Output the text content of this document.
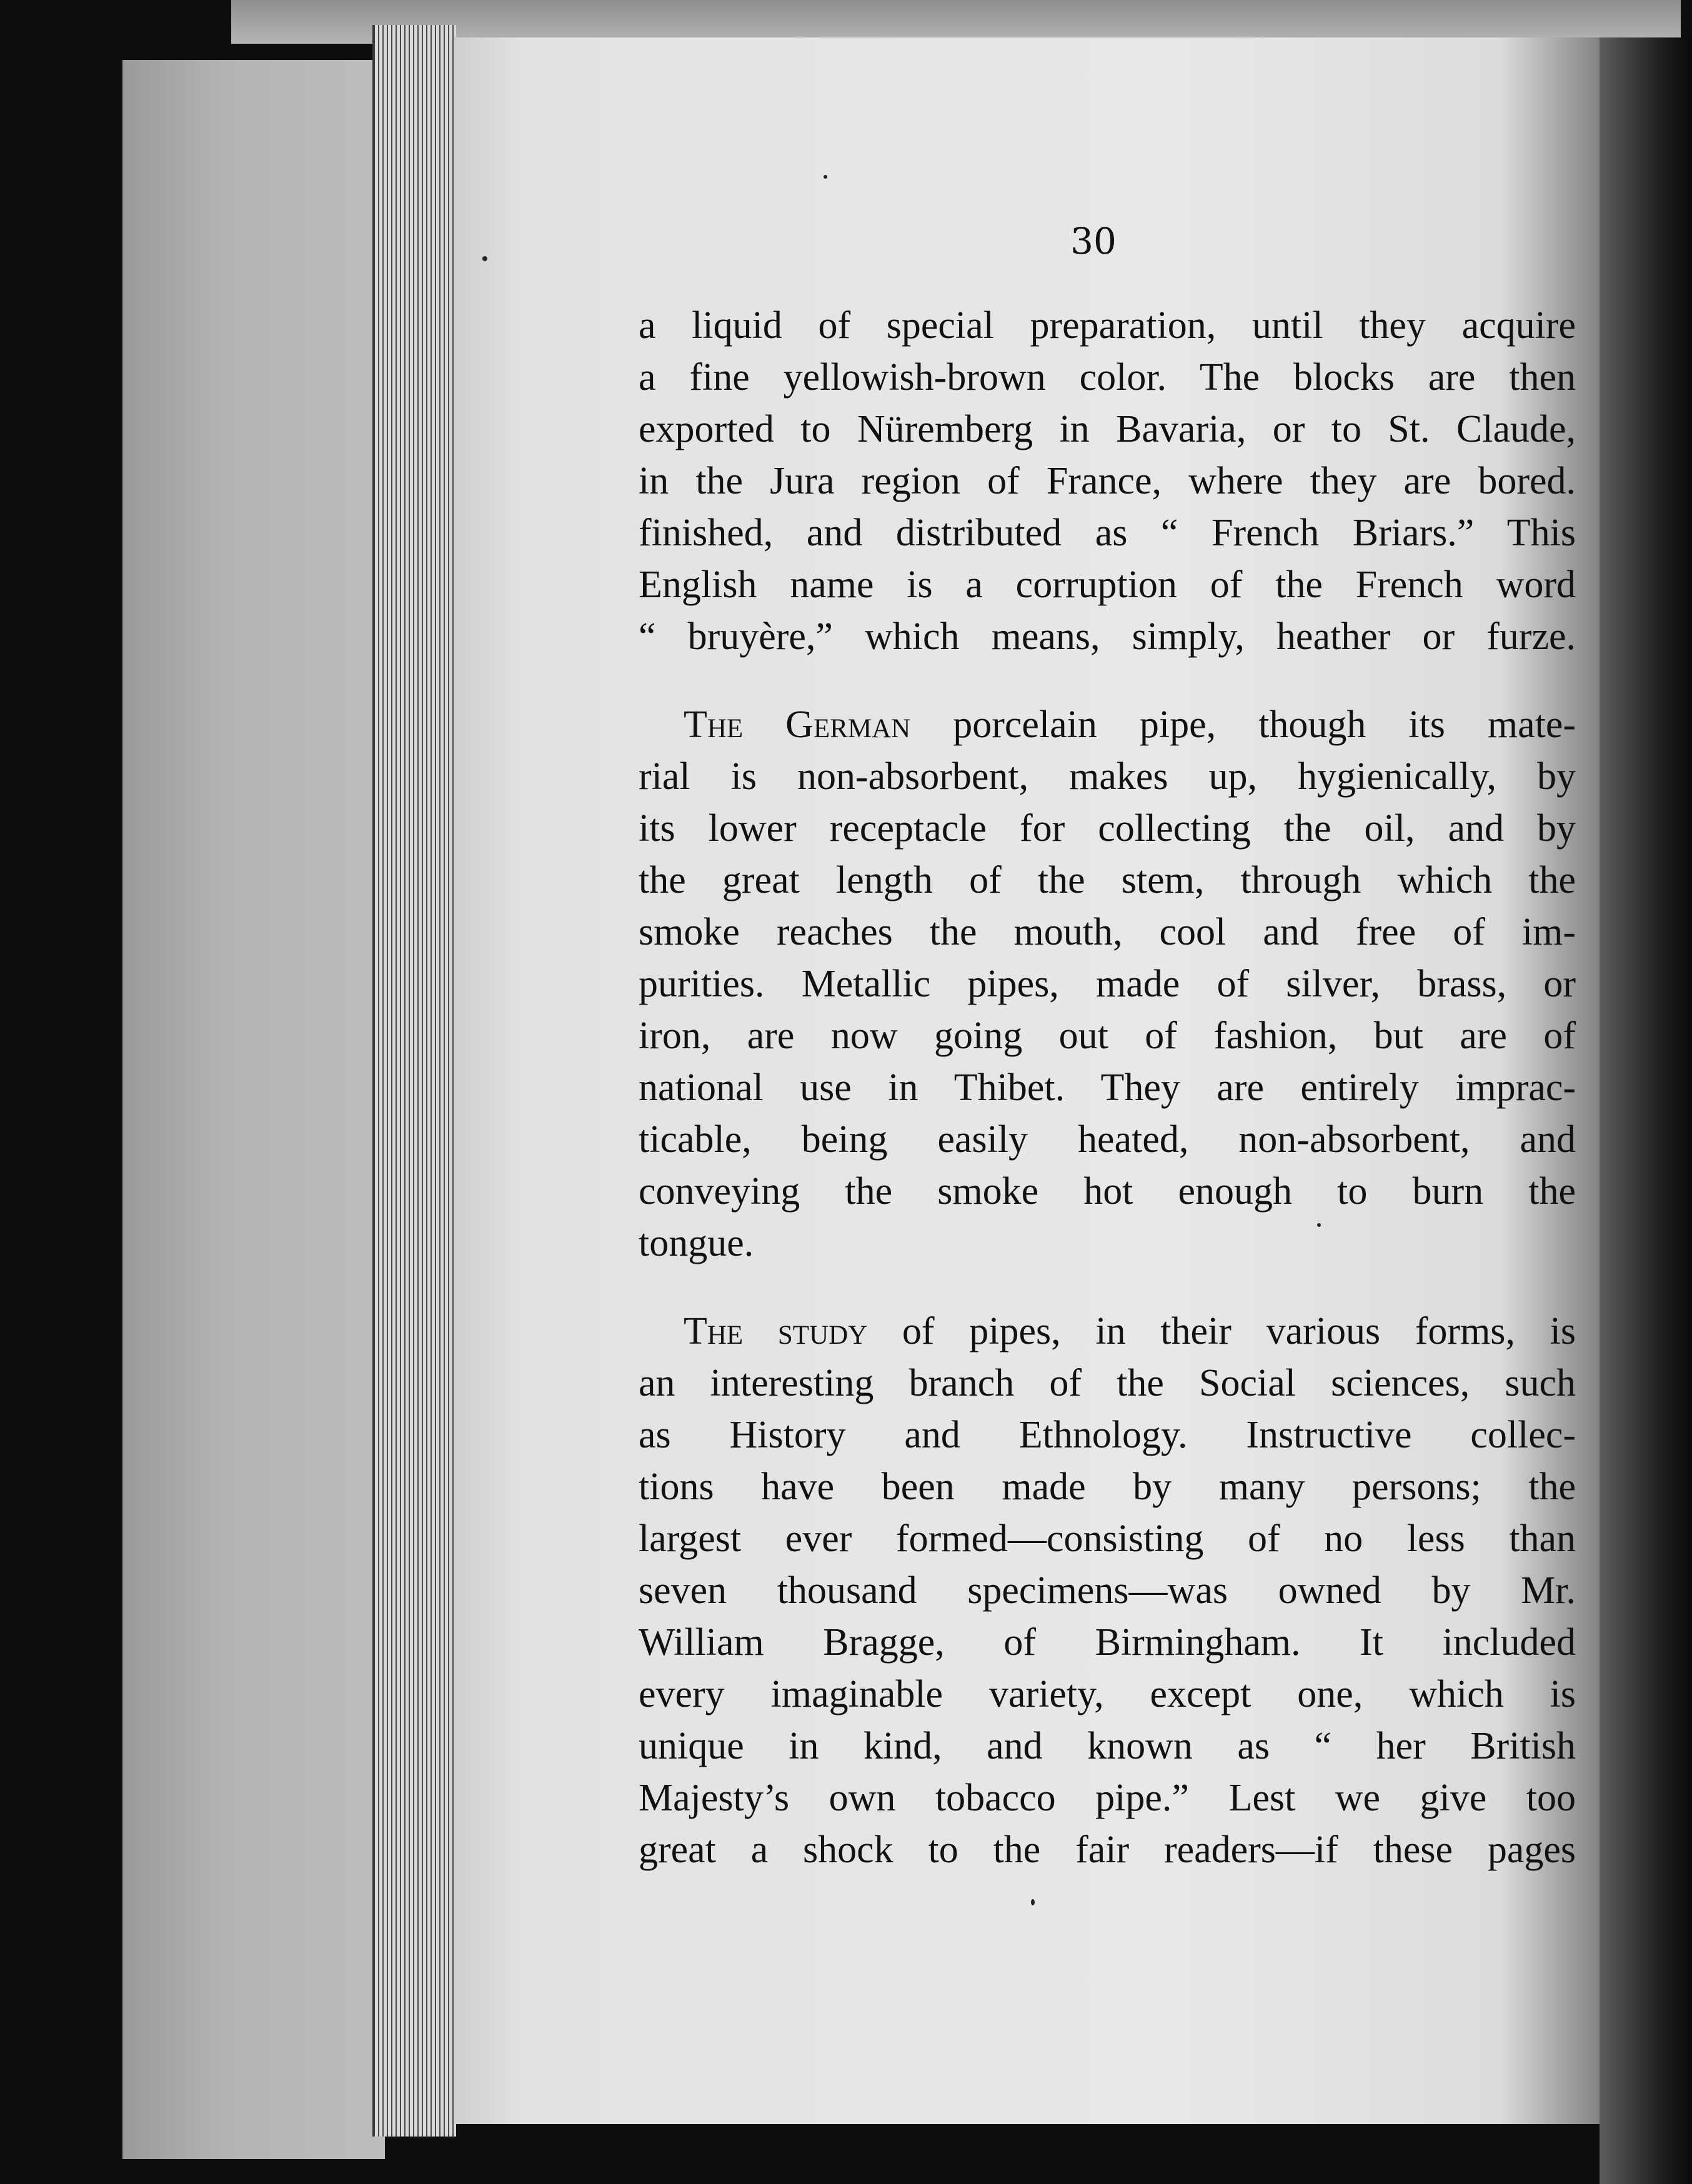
30
a liquid of special preparation, until they acquire
a fine yellowish-brown color. The blocks are then
exported to Nüremberg in Bavaria, or to St. Claude,
in the Jura region of France, where they are bored.
finished, and distributed as “ French Briars.” This
English name is a corruption of the French word
“ bruyère,” which means, simply, heather or furze.
The German porcelain pipe, though its mate-
rial is non-absorbent, makes up, hygienically, by
its lower receptacle for collecting the oil, and by
the great length of the stem, through which the
smoke reaches the mouth, cool and free of im-
purities. Metallic pipes, made of silver, brass, or
iron, are now going out of fashion, but are of
national use in Thibet. They are entirely imprac-
ticable, being easily heated, non-absorbent, and
conveying the smoke hot enough to burn the
tongue.
The study of pipes, in their various forms, is
an interesting branch of the Social sciences, such
as History and Ethnology. Instructive collec-
tions have been made by many persons; the
largest ever formed—consisting of no less than
seven thousand specimens—was owned by Mr.
William Bragge, of Birmingham. It included
every imaginable variety, except one, which is
unique in kind, and known as “ her British
Majesty’s own tobacco pipe.” Lest we give too
great a shock to the fair readers—if these pages
